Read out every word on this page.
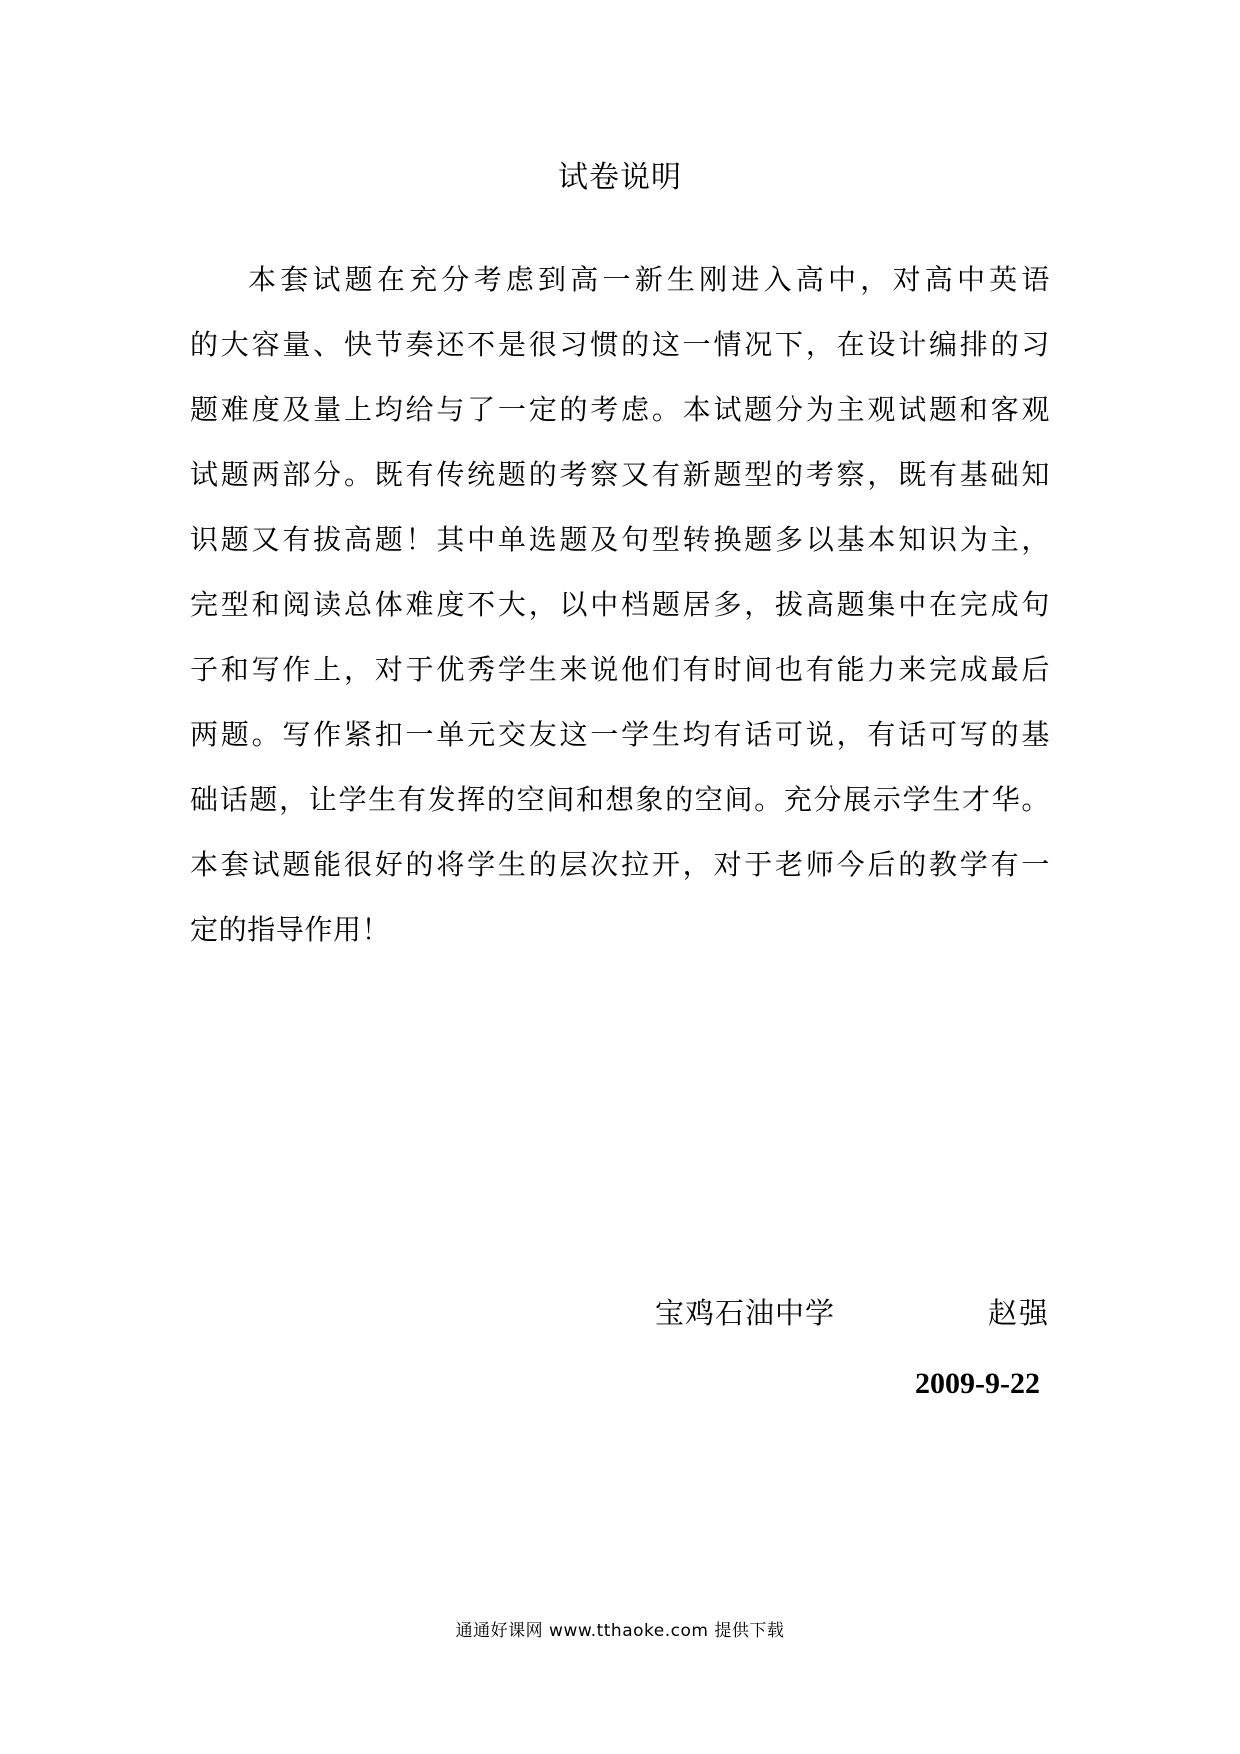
试卷说明
本套试题在充分考虑到高一新生刚进入高中，对高中英语
的大容量、快节奏还不是很习惯的这一情况下，在设计编排的习
题难度及量上均给与了一定的考虑。本试题分为主观试题和客观
试题两部分。既有传统题的考察又有新题型的考察，既有基础知
识题又有拔高题！其中单选题及句型转换题多以基本知识为主，
完型和阅读总体难度不大，以中档题居多，拔高题集中在完成句
子和写作上，对于优秀学生来说他们有时间也有能力来完成最后
两题。写作紧扣一单元交友这一学生均有话可说，有话可写的基
础话题，让学生有发挥的空间和想象的空间。充分展示学生才华。
本套试题能很好的将学生的层次拉开，对于老师今后的教学有一
定的指导作用！
宝鸡石油中学	赵强
2009-9-22
通通好课网 www.tthaoke.com 提供下载
